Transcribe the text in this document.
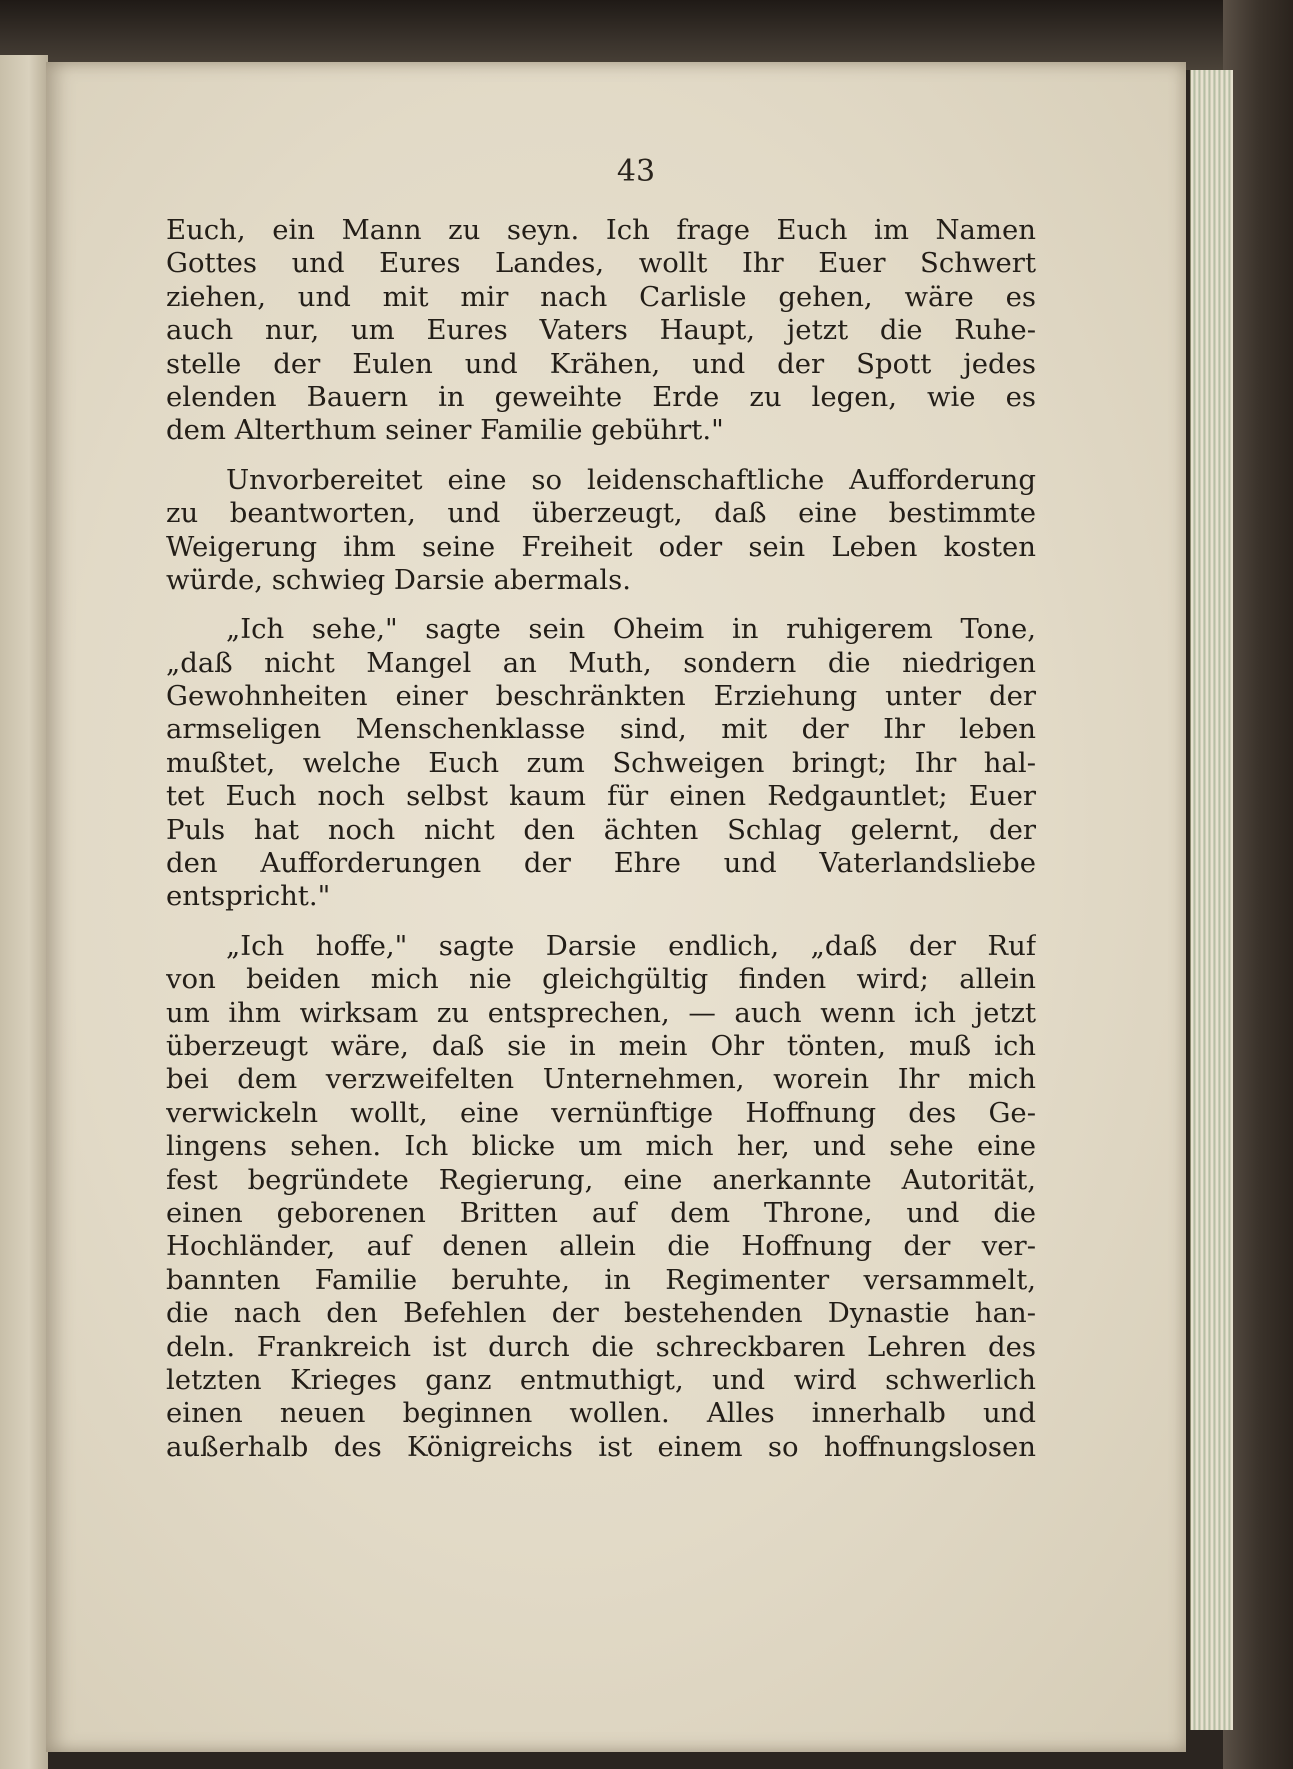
43
Euch, ein Mann zu seyn. Ich frage Euch im Namen
Gottes und Eures Landes, wollt Ihr Euer Schwert
ziehen, und mit mir nach Carlisle gehen, wäre es
auch nur, um Eures Vaters Haupt, jetzt die Ruhe-
stelle der Eulen und Krähen, und der Spott jedes
elenden Bauern in geweihte Erde zu legen, wie es
dem Alterthum seiner Familie gebührt."
Unvorbereitet eine so leidenschaftliche Aufforderung
zu beantworten, und überzeugt, daß eine bestimmte
Weigerung ihm seine Freiheit oder sein Leben kosten
würde, schwieg Darsie abermals.
„Ich sehe," sagte sein Oheim in ruhigerem Tone,
„daß nicht Mangel an Muth, sondern die niedrigen
Gewohnheiten einer beschränkten Erziehung unter der
armseligen Menschenklasse sind, mit der Ihr leben
mußtet, welche Euch zum Schweigen bringt; Ihr hal-
tet Euch noch selbst kaum für einen Redgauntlet; Euer
Puls hat noch nicht den ächten Schlag gelernt, der
den Aufforderungen der Ehre und Vaterlandsliebe
entspricht."
„Ich hoffe," sagte Darsie endlich, „daß der Ruf
von beiden mich nie gleichgültig finden wird; allein
um ihm wirksam zu entsprechen, — auch wenn ich jetzt
überzeugt wäre, daß sie in mein Ohr tönten, muß ich
bei dem verzweifelten Unternehmen, worein Ihr mich
verwickeln wollt, eine vernünftige Hoffnung des Ge-
lingens sehen. Ich blicke um mich her, und sehe eine
fest begründete Regierung, eine anerkannte Autorität,
einen geborenen Britten auf dem Throne, und die
Hochländer, auf denen allein die Hoffnung der ver-
bannten Familie beruhte, in Regimenter versammelt,
die nach den Befehlen der bestehenden Dynastie han-
deln. Frankreich ist durch die schreckbaren Lehren des
letzten Krieges ganz entmuthigt, und wird schwerlich
einen neuen beginnen wollen. Alles innerhalb und
außerhalb des Königreichs ist einem so hoffnungslosen
